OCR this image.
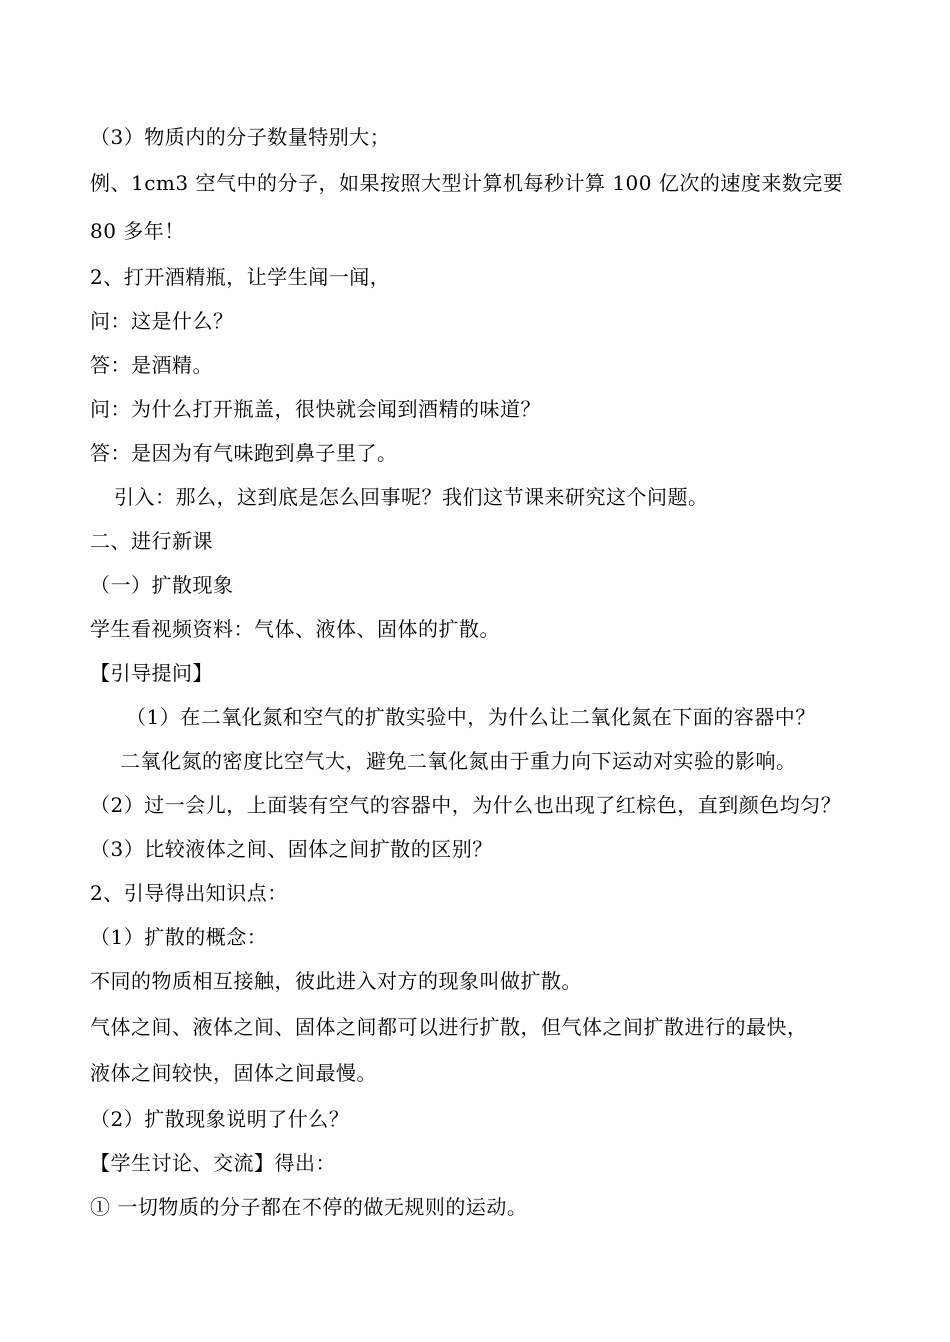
（3）物质内的分子数量特别大；
例、1cm3 空气中的分子，如果按照大型计算机每秒计算 100 亿次的速度来数完要
80 多年！
2、打开酒精瓶，让学生闻一闻，
问：这是什么？
答：是酒精。
问：为什么打开瓶盖，很快就会闻到酒精的味道？
答：是因为有气味跑到鼻子里了。
引入：那么，这到底是怎么回事呢？我们这节课来研究这个问题。
二、进行新课
（一）扩散现象
学生看视频资料：气体、液体、固体的扩散。
【引导提问】
（1）在二氧化氮和空气的扩散实验中，为什么让二氧化氮在下面的容器中？
二氧化氮的密度比空气大，避免二氧化氮由于重力向下运动对实验的影响。
（2）过一会儿，上面装有空气的容器中，为什么也出现了红棕色，直到颜色均匀？
（3）比较液体之间、固体之间扩散的区别？
2、引导得出知识点：
（1）扩散的概念：
不同的物质相互接触，彼此进入对方的现象叫做扩散。
气体之间、液体之间、固体之间都可以进行扩散，但气体之间扩散进行的最快，
液体之间较快，固体之间最慢。
（2）扩散现象说明了什么？
【学生讨论、交流】得出：
① 一切物质的分子都在不停的做无规则的运动。
